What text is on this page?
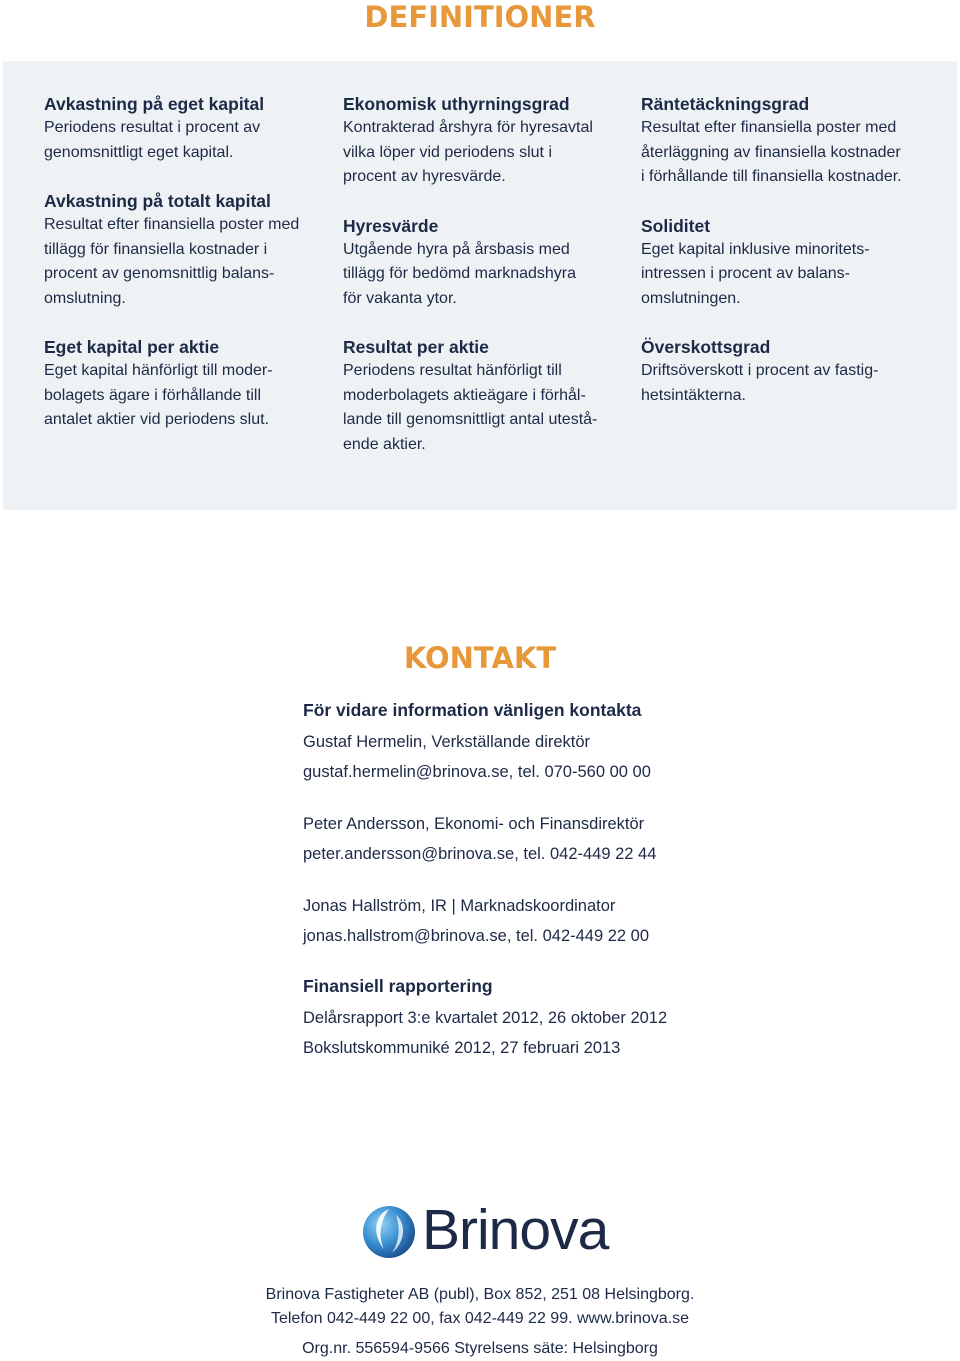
DEFINITIONER
Avkastning på eget kapital
Periodens resultat i procent av
genomsnittligt eget kapital.
Avkastning på totalt kapital
Resultat efter finansiella poster med
tillägg för finansiella kostnader i
procent av genomsnittlig balans-
omslutning.
Eget kapital per aktie
Eget kapital hänförligt till moder-
bolagets ägare i förhållande till
antalet aktier vid periodens slut.
Ekonomisk uthyrningsgrad
Kontrakterad årshyra för hyresavtal
vilka löper vid periodens slut i
procent av hyresvärde.
Hyresvärde
Utgående hyra på årsbasis med
tillägg för bedömd marknadshyra
för vakanta ytor.
Resultat per aktie
Periodens resultat hänförligt till
moderbolagets aktieägare i förhål-
lande till genomsnittligt antal utestå-
ende aktier.
Räntetäckningsgrad
Resultat efter finansiella poster med
återläggning av finansiella kostnader
i förhållande till finansiella kostnader.
Soliditet
Eget kapital inklusive minoritets-
intressen i procent av balans-
omslutningen.
Överskottsgrad
Driftsöverskott i procent av fastig-
hetsintäkterna.
KONTAKT
För vidare information vänligen kontakta
Gustaf Hermelin, Verkställande direktör
gustaf.hermelin@brinova.se, tel. 070-560 00 00
Peter Andersson, Ekonomi- och Finansdirektör
peter.andersson@brinova.se, tel. 042-449 22 44
Jonas Hallström, IR | Marknadskoordinator
jonas.hallstrom@brinova.se, tel. 042-449 22 00
Finansiell rapportering
Delårsrapport 3:e kvartalet 2012, 26 oktober 2012
Bokslutskommuniké 2012, 27 februari 2013
Brinova
Brinova Fastigheter AB (publ), Box 852, 251 08 Helsingborg.
Telefon 042-449 22 00, fax 042-449 22 99. www.brinova.se
Org.nr. 556594-9566 Styrelsens säte: Helsingborg
